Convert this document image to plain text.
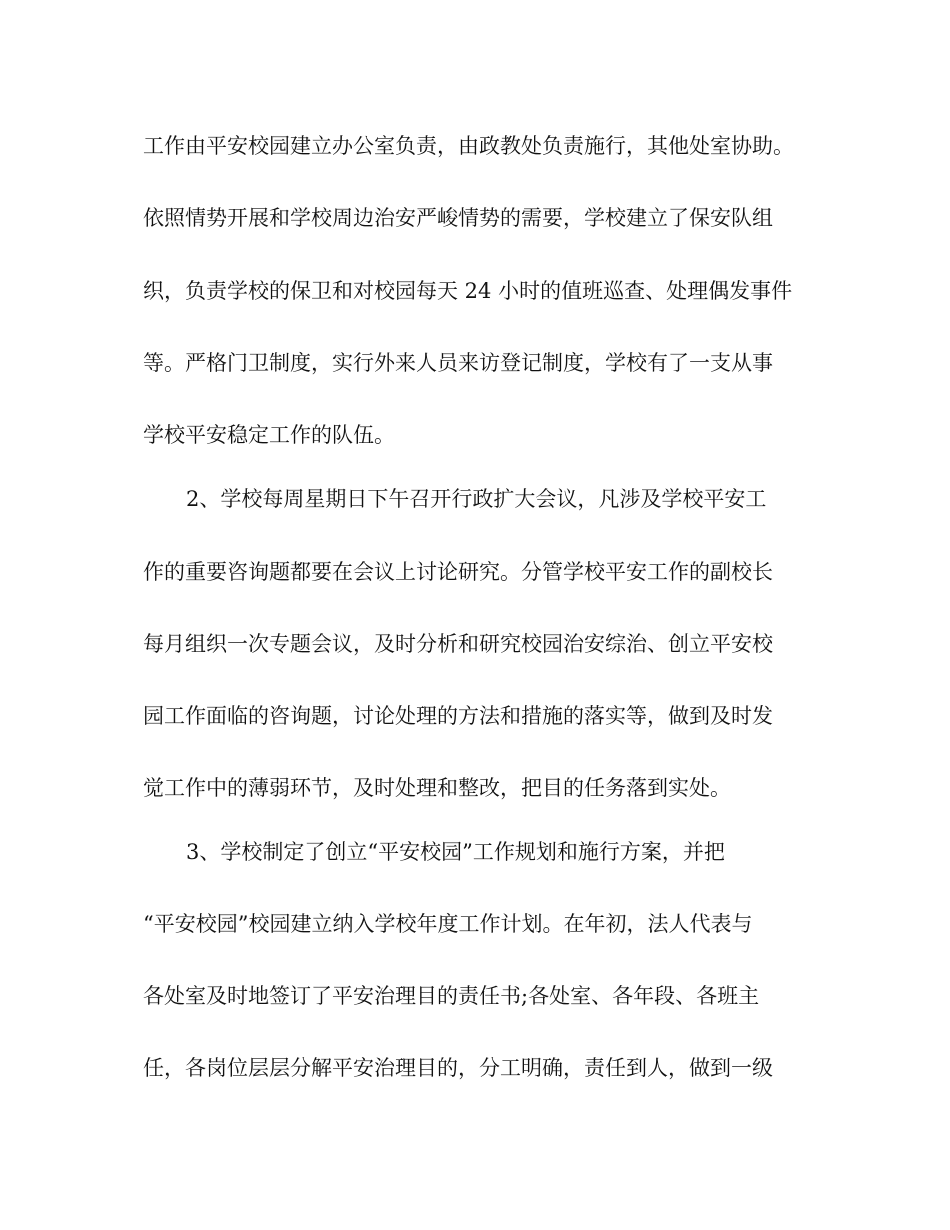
工作由平安校园建立办公室负责，由政教处负责施行，其他处室协助。
依照情势开展和学校周边治安严峻情势的需要，学校建立了保安队组
织，负责学校的保卫和对校园每天 24 小时的值班巡查、处理偶发事件
等。严格门卫制度，实行外来人员来访登记制度，学校有了一支从事
学校平安稳定工作的队伍。
2、学校每周星期日下午召开行政扩大会议，凡涉及学校平安工
作的重要咨询题都要在会议上讨论研究。分管学校平安工作的副校长
每月组织一次专题会议，及时分析和研究校园治安综治、创立平安校
园工作面临的咨询题，讨论处理的方法和措施的落实等，做到及时发
觉工作中的薄弱环节，及时处理和整改，把目的任务落到实处。
3、学校制定了创立“平安校园”工作规划和施行方案，并把
“平安校园”校园建立纳入学校年度工作计划。在年初，法人代表与
各处室及时地签订了平安治理目的责任书;各处室、各年段、各班主
任，各岗位层层分解平安治理目的，分工明确，责任到人，做到一级
